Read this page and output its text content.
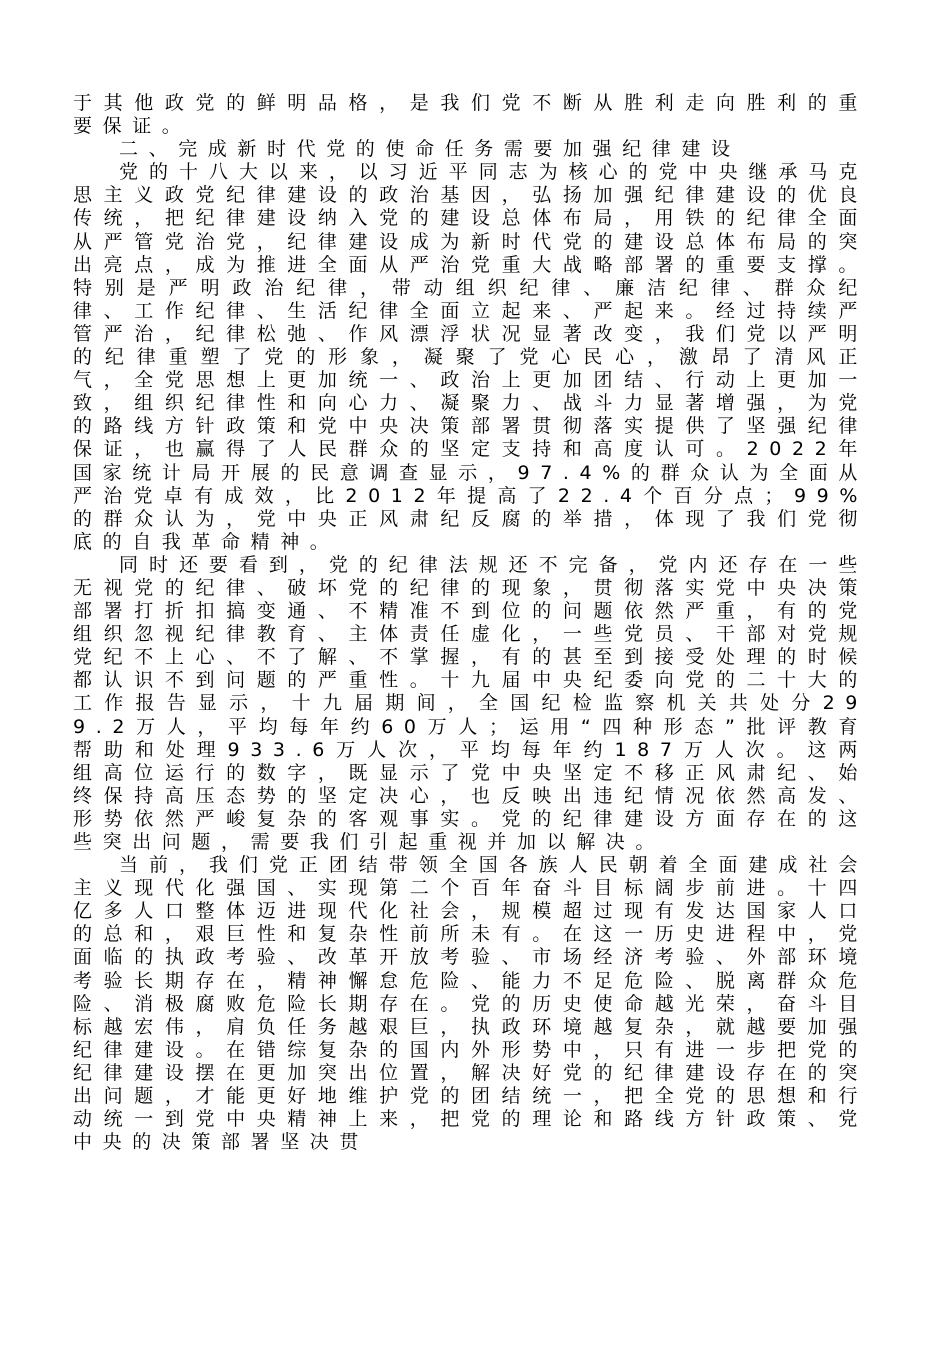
于其他政党的鲜明品格，是我们党不断从胜利走向胜利的重要保证。

二、完成新时代党的使命任务需要加强纪律建设

党的十八大以来，以习近平同志为核心的党中央继承马克思主义政党纪律建设的政治基因，弘扬加强纪律建设的优良传统，把纪律建设纳入党的建设总体布局，用铁的纪律全面从严管党治党，纪律建设成为新时代党的建设总体布局的突出亮点，成为推进全面从严治党重大战略部署的重要支撑。特别是严明政治纪律，带动组织纪律、廉洁纪律、群众纪律、工作纪律、生活纪律全面立起来、严起来。经过持续严管严治，纪律松弛、作风漂浮状况显著改变，我们党以严明的纪律重塑了党的形象，凝聚了党心民心，激昂了清风正气，全党思想上更加统一、政治上更加团结、行动上更加一致，组织纪律性和向心力、凝聚力、战斗力显著增强，为党的路线方针政策和党中央决策部署贯彻落实提供了坚强纪律保证，也赢得了人民群众的坚定支持和高度认可。2022年国家统计局开展的民意调查显示，97.4%的群众认为全面从严治党卓有成效，比2012年提高了22.4个百分点；99%的群众认为，党中央正风肃纪反腐的举措，体现了我们党彻底的自我革命精神。

同时还要看到，党的纪律法规还不完备，党内还存在一些无视党的纪律、破坏党的纪律的现象，贯彻落实党中央决策部署打折扣搞变通、不精准不到位的问题依然严重，有的党组织忽视纪律教育、主体责任虚化，一些党员、干部对党规党纪不上心、不了解、不掌握，有的甚至到接受处理的时候都认识不到问题的严重性。十九届中央纪委向党的二十大的工作报告显示，十九届期间，全国纪检监察机关共处分299.2万人，平均每年约60万人；运用“四种形态”批评教育帮助和处理933.6万人次，平均每年约187万人次。这两组高位运行的数字，既显示了党中央坚定不移正风肃纪、始终保持高压态势的坚定决心，也反映出违纪情况依然高发、形势依然严峻复杂的客观事实。党的纪律建设方面存在的这些突出问题，需要我们引起重视并加以解决。

当前，我们党正团结带领全国各族人民朝着全面建成社会主义现代化强国、实现第二个百年奋斗目标阔步前进。十四亿多人口整体迈进现代化社会，规模超过现有发达国家人口的总和，艰巨性和复杂性前所未有。在这一历史进程中，党面临的执政考验、改革开放考验、市场经济考验、外部环境考验长期存在，精神懈怠危险、能力不足危险、脱离群众危险、消极腐败危险长期存在。党的历史使命越光荣，奋斗目标越宏伟，肩负任务越艰巨，执政环境越复杂，就越要加强纪律建设。在错综复杂的国内外形势中，只有进一步把党的纪律建设摆在更加突出位置，解决好党的纪律建设存在的突出问题，才能更好地维护党的团结统一，把全党的思想和行动统一到党中央精神上来，把党的理论和路线方针政策、党中央的决策部署坚决贯
